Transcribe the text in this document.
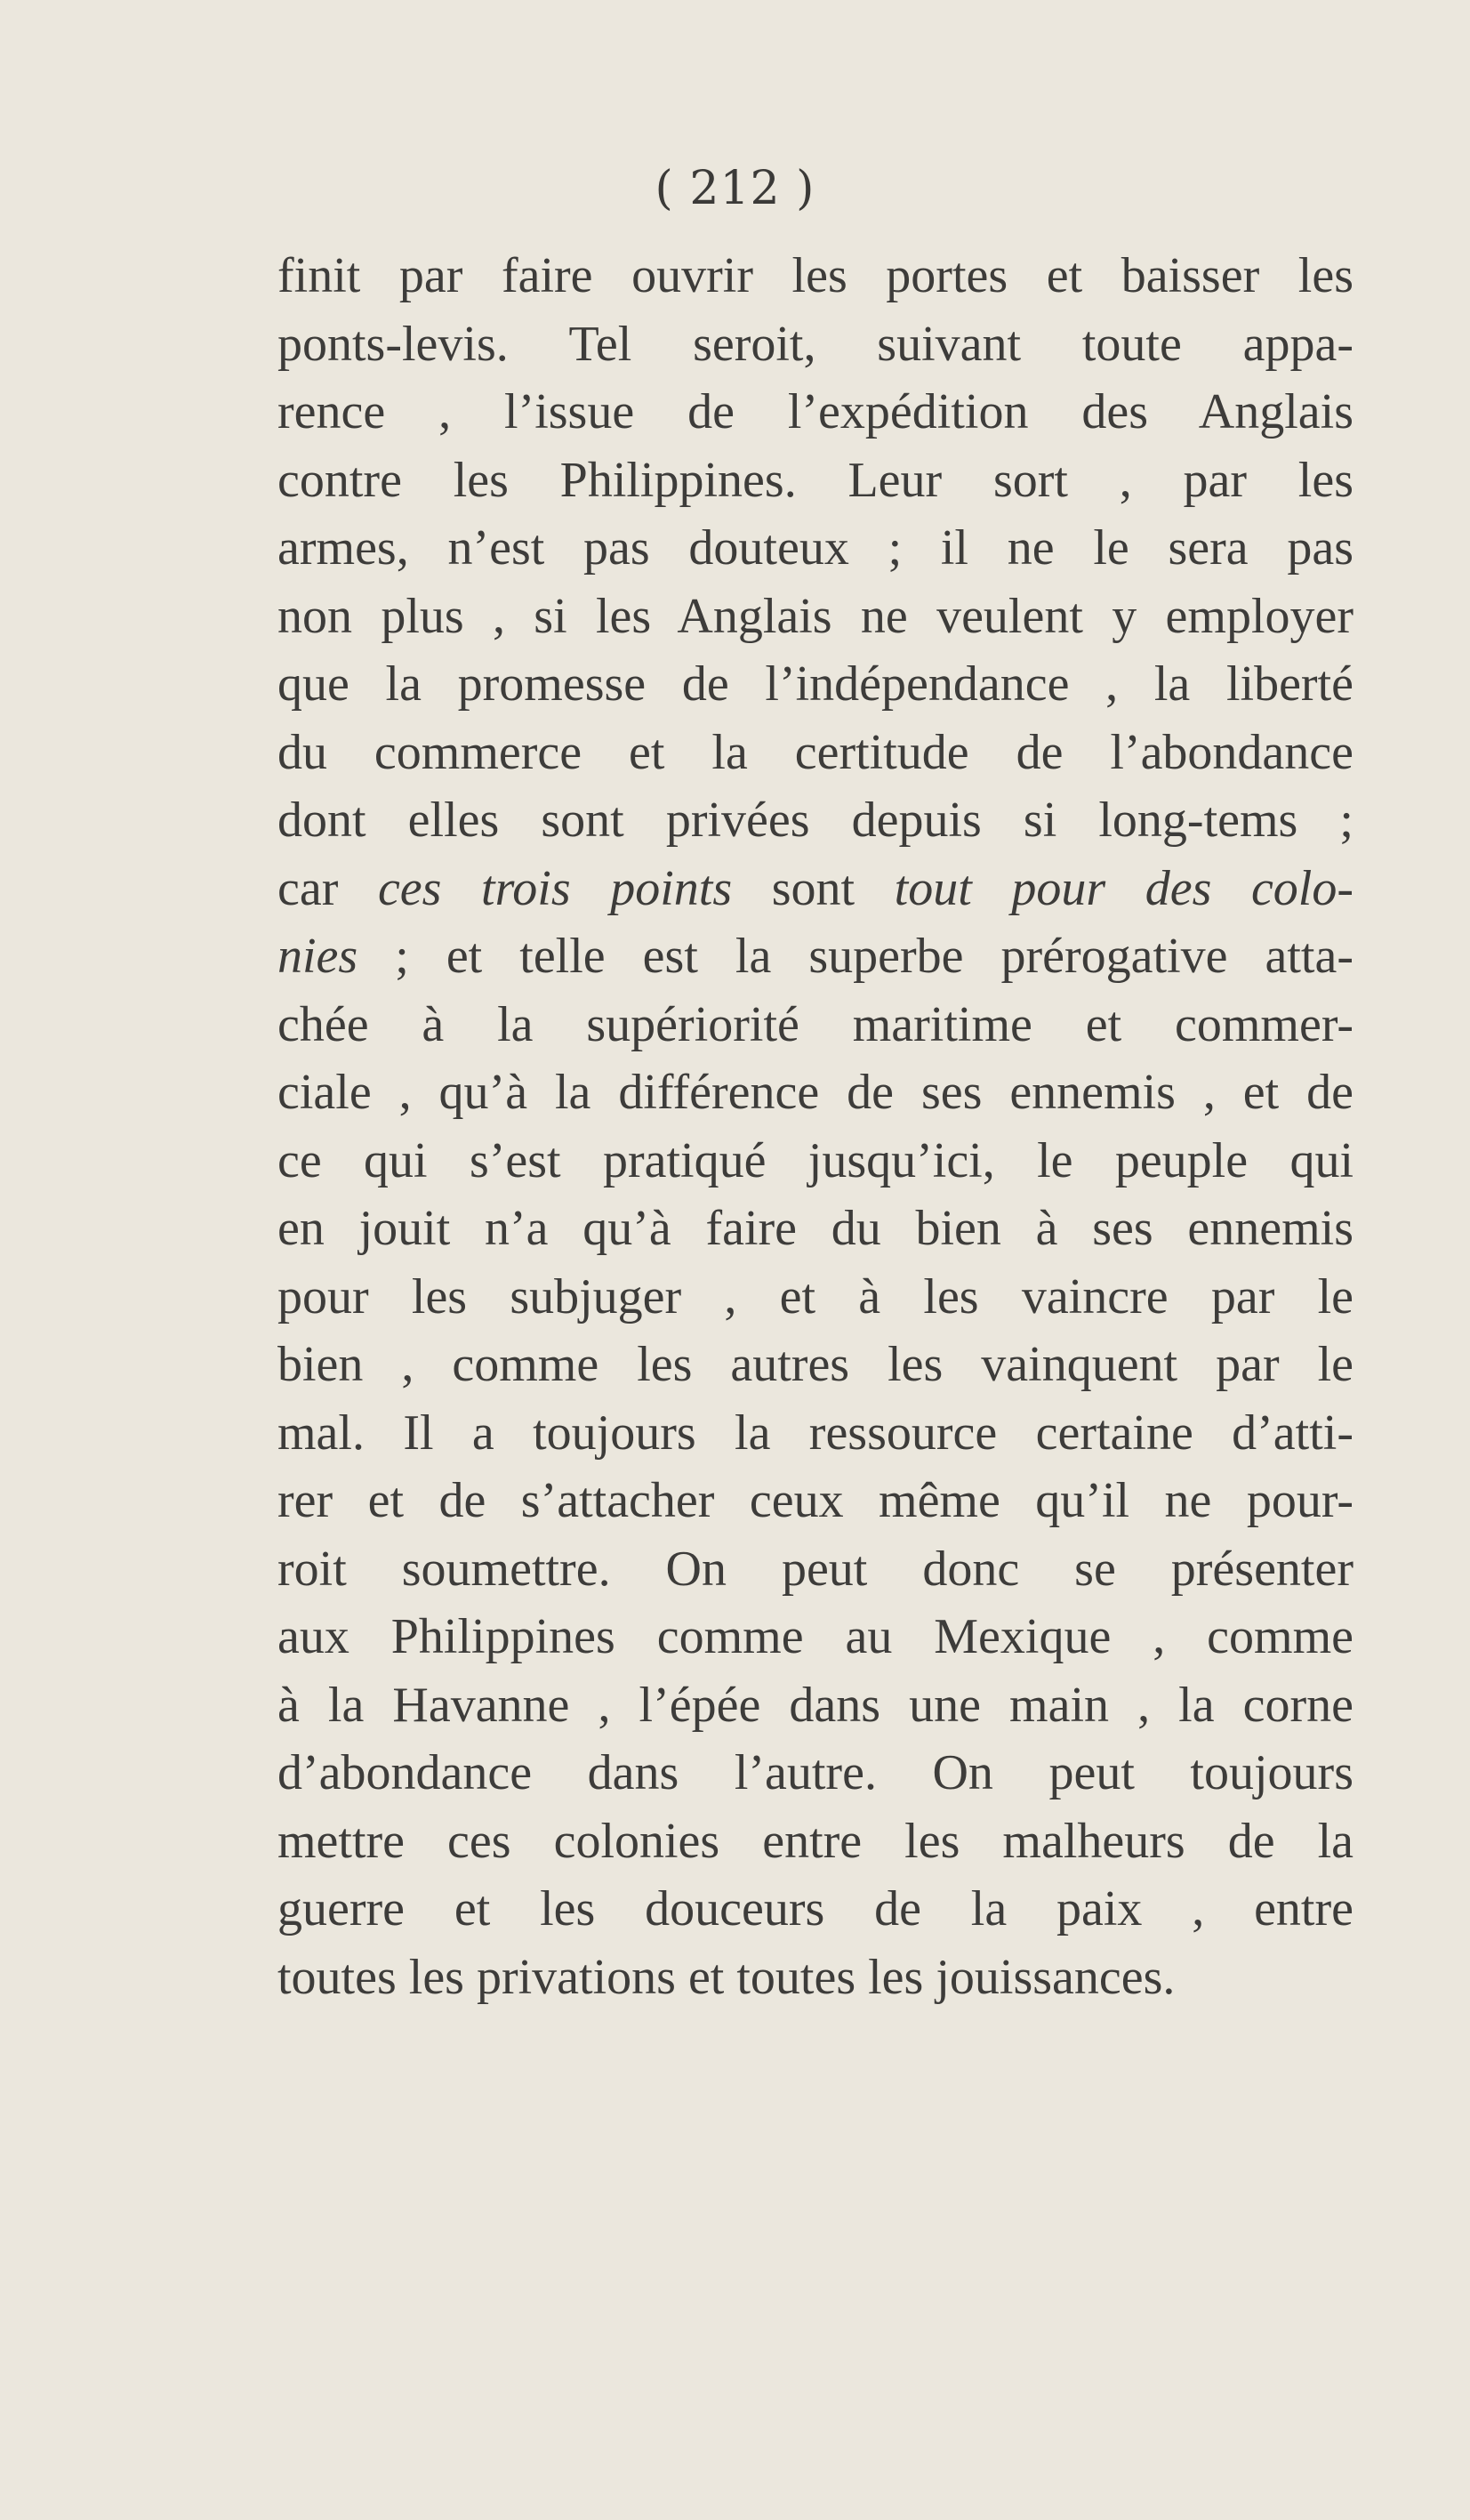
( 212 )
finit par faire ouvrir les portes et baisser les
ponts-levis. Tel seroit, suivant toute appa-
rence , l’issue de l’expédition des Anglais
contre les Philippines. Leur sort , par les
armes, n’est pas douteux ; il ne le sera pas
non plus , si les Anglais ne veulent y employer
que la promesse de l’indépendance , la liberté
du commerce et la certitude de l’abondance
dont elles sont privées depuis si long-tems ;
car ces trois points sont tout pour des colo-
nies ; et telle est la superbe prérogative atta-
chée à la supériorité maritime et commer-
ciale , qu’à la différence de ses ennemis , et de
ce qui s’est pratiqué jusqu’ici, le peuple qui
en jouit n’a qu’à faire du bien à ses ennemis
pour les subjuger , et à les vaincre par le
bien , comme les autres les vainquent par le
mal. Il a toujours la ressource certaine d’atti-
rer et de s’attacher ceux même qu’il ne pour-
roit soumettre. On peut donc se présenter
aux Philippines comme au Mexique , comme
à la Havanne , l’épée dans une main , la corne
d’abondance dans l’autre. On peut toujours
mettre ces colonies entre les malheurs de la
guerre et les douceurs de la paix , entre
toutes les privations et toutes les jouissances.
